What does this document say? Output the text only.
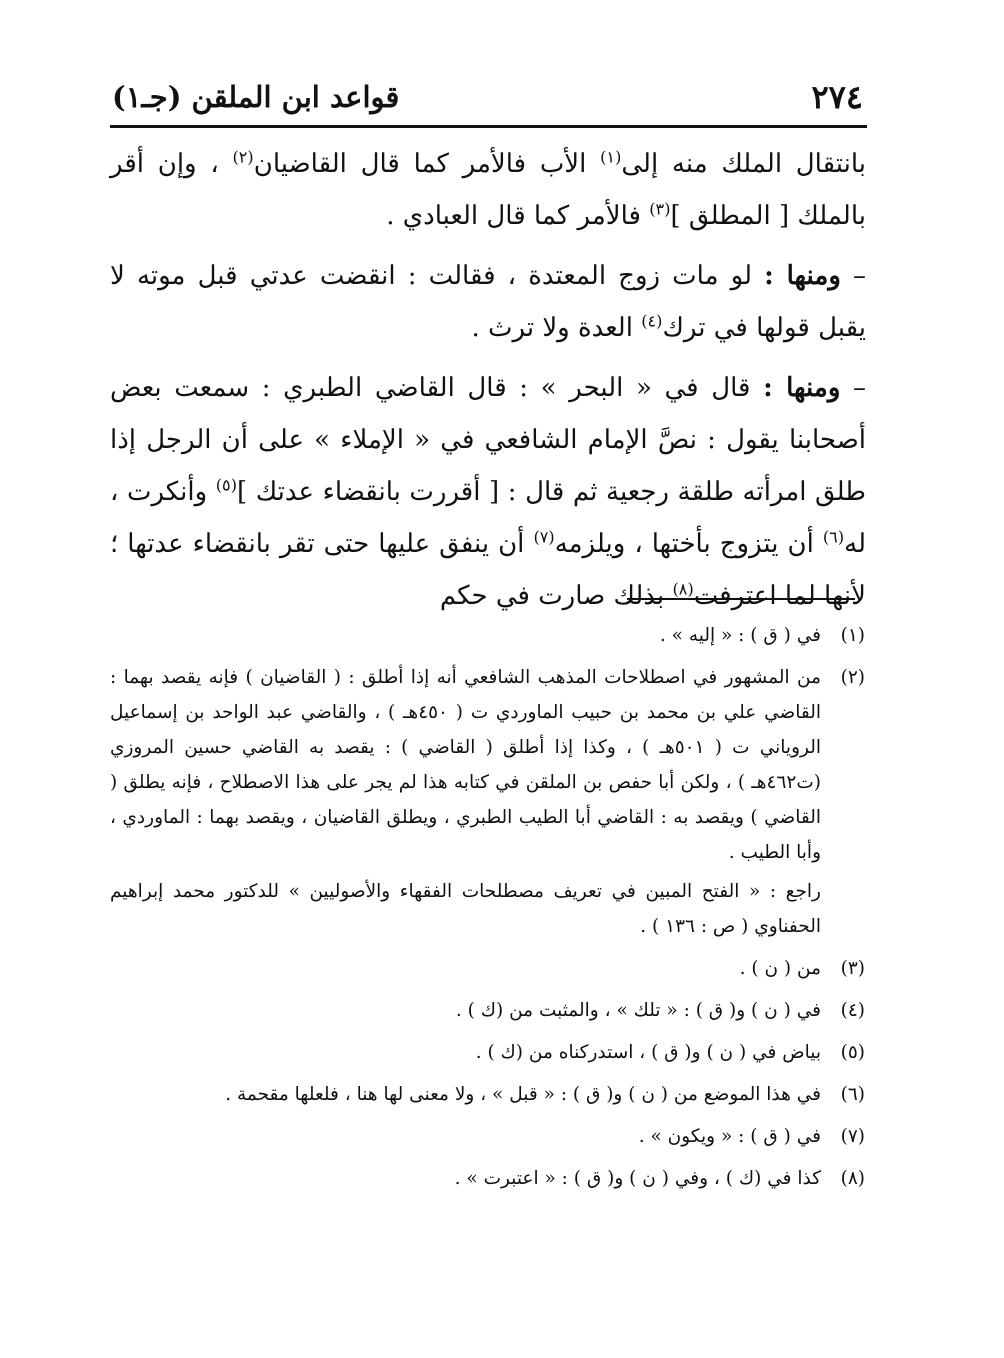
٢٧٤
قواعد ابن الملقن (جـ١)

بانتقال الملك منه إلى$^{(١)}$ الأب فالأمر كما قال القاضيان$^{(٢)}$ ، وإن أقر بالملك [ المطلق ]$^{(٣)}$ فالأمر كما قال العبادي .

– ومنها : لو مات زوج المعتدة ، فقالت : انقضت عدتي قبل موته لا يقبل قولها في ترك$^{(٤)}$ العدة ولا ترث .

– ومنها : قال في « البحر » : قال القاضي الطبري : سمعت بعض أصحابنا يقول : نصَّ الإمام الشافعي في « الإملاء » على أن الرجل إذا طلق امرأته طلقة رجعية ثم قال : [ أقررت بانقضاء عدتك ]$^{(٥)}$ وأنكرت ، له$^{(٦)}$ أن يتزوج بأختها ، ويلزمه$^{(٧)}$ أن ينفق عليها حتى تقر بانقضاء عدتها ؛ لأنها لما اعترفت$^{(٨)}$ بذلك صارت في حكم

(١)
في ( ق ) : « إليه » .
(٢)
من المشهور في اصطلاحات المذهب الشافعي أنه إذا أطلق : ( القاضيان ) فإنه يقصد بهما : القاضي علي بن محمد بن حبيب الماوردي ت ( ٤٥٠هـ ) ، والقاضي عبد الواحد بن إسماعيل الروياني ت ( ٥٠١هـ ) ، وكذا إذا أطلق ( القاضي ) : يقصد به القاضي حسين المروزي (ت٤٦٢هـ ) ، ولكن أبا حفص بن الملقن في كتابه هذا لم يجر على هذا الاصطلاح ، فإنه يطلق ( القاضي ) ويقصد به : القاضي أبا الطيب الطبري ، ويطلق القاضيان ، ويقصد بهما : الماوردي ، وأبا الطيب .
راجع : « الفتح المبين في تعريف مصطلحات الفقهاء والأصوليين » للدكتور محمد إبراهيم الحفناوي ( ص : ١٣٦ ) .
(٣)
من ( ن ) .
(٤)
في ( ن ) و( ق ) : « تلك » ، والمثبت من (ك ) .
(٥)
بياض في ( ن ) و( ق ) ، استدركناه من (ك ) .
(٦)
في هذا الموضع من ( ن ) و( ق ) : « قبل » ، ولا معنى لها هنا ، فلعلها مقحمة .
(٧)
في ( ق ) : « ويكون » .
(٨)
كذا في (ك ) ، وفي ( ن ) و( ق ) : « اعتبرت » .
